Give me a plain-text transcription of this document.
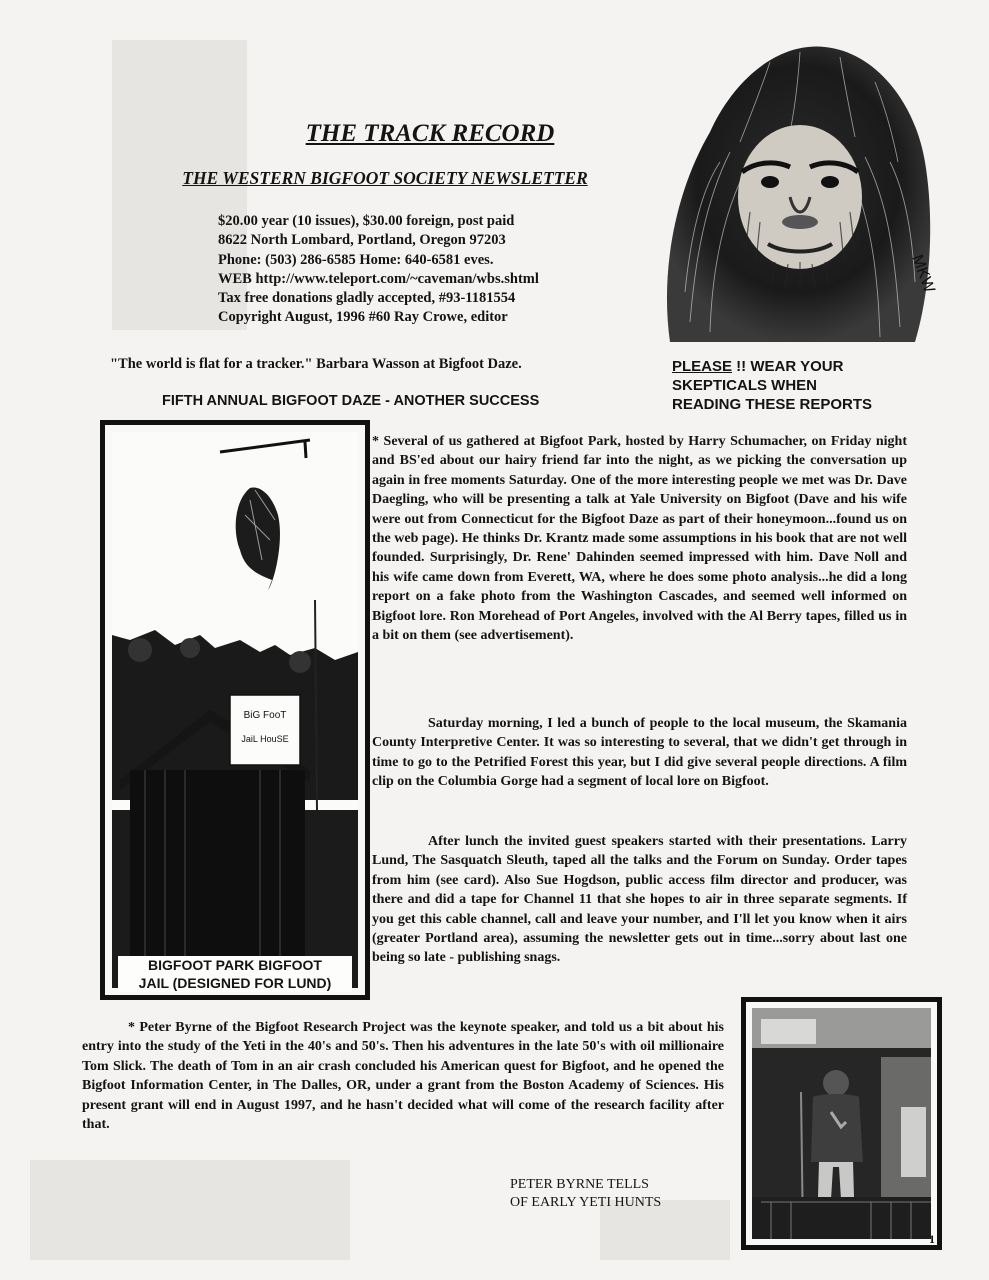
THE TRACK RECORD
THE WESTERN BIGFOOT SOCIETY NEWSLETTER
$20.00 year (10 issues), $30.00 foreign, post paid
8622 North Lombard, Portland, Oregon 97203
Phone: (503) 286-6585 Home: 640-6581 eves.
WEB http://www.teleport.com/~caveman/wbs.shtml
Tax free donations gladly accepted, #93-1181554
Copyright August, 1996 #60 Ray Crowe, editor
MKW
"The world is flat for a tracker." Barbara Wasson at Bigfoot Daze.	PLEASE !! WEAR YOUR
SKEPTICALS WHEN
READING THESE REPORTS
FIFTH ANNUAL BIGFOOT DAZE - ANOTHER SUCCESS
BiG FooT
JaiL HouSE
BIGFOOT PARK BIGFOOT
JAIL (DESIGNED FOR LUND)

* Several of us gathered at Bigfoot Park, hosted by Harry Schumacher, on Friday night and BS'ed about our hairy friend far into the night, as we picking the conversation up again in free moments Saturday. One of the more interesting people we met was Dr. Dave Daegling, who will be presenting a talk at Yale University on Bigfoot (Dave and his wife were out from Connecticut for the Bigfoot Daze as part of their honeymoon...found us on the web page). He thinks Dr. Krantz made some assumptions in his book that are not well founded. Surprisingly, Dr. Rene' Dahinden seemed impressed with him. Dave Noll and his wife came down from Everett, WA, where he does some photo analysis...he did a long report on a fake photo from the Washington Cascades, and seemed well informed on Bigfoot lore. Ron Morehead of Port Angeles, involved with the Al Berry tapes, filled us in a bit on them (see advertisement).

Saturday morning, I led a bunch of people to the local museum, the Skamania County Interpretive Center. It was so interesting to several, that we didn't get through in time to go to the Petrified Forest this year, but I did give several people directions. A film clip on the Columbia Gorge had a segment of local lore on Bigfoot.

After lunch the invited guest speakers started with their presentations. Larry Lund, The Sasquatch Sleuth, taped all the talks and the Forum on Sunday. Order tapes from him (see card). Also Sue Hogdson, public access film director and producer, was there and did a tape for Channel 11 that she hopes to air in three separate segments. If you get this cable channel, call and leave your number, and I'll let you know when it airs (greater Portland area), assuming the newsletter gets out in time...sorry about last one being so late - publishing snags.

* Peter Byrne of the Bigfoot Research Project was the keynote speaker, and told us a bit about his entry into the study of the Yeti in the 40's and 50's. Then his adventures in the late 50's with oil millionaire Tom Slick. The death of Tom in an air crash concluded his American quest for Bigfoot, and he opened the Bigfoot Information Center, in The Dalles, OR, under a grant from the Boston Academy of Sciences. His present grant will end in August 1997, and he hasn't decided what will come of the research facility after that.

PETER BYRNE TELLS
OF EARLY YETI HUNTS
1
